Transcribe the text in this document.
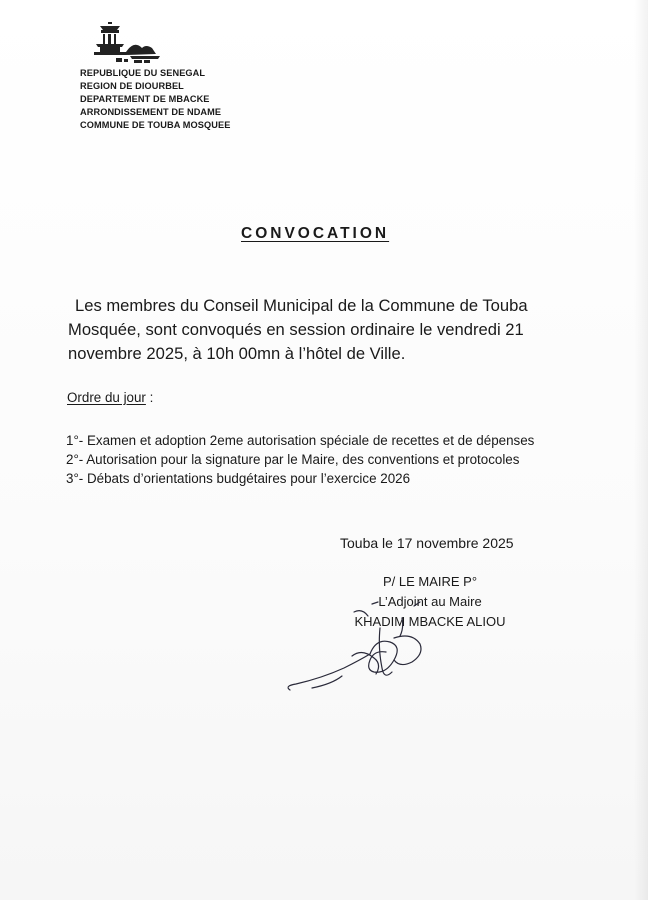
REPUBLIQUE DU SENEGAL
REGION DE DIOURBEL
DEPARTEMENT DE MBACKE
ARRONDISSEMENT DE NDAME
COMMUNE DE TOUBA MOSQUEE
CONVOCATION
Les membres du Conseil Municipal de la Commune de Touba
Mosquée, sont convoqués en session ordinaire le vendredi 21
novembre 2025, à 10h 00mn à l’hôtel de Ville.
Ordre du jour :
1°- Examen et adoption 2eme autorisation spéciale de recettes et de dépenses
2°- Autorisation pour la signature par le Maire, des conventions et protocoles
3°- Débats d’orientations budgétaires pour l’exercice 2026
Touba le 17 novembre 2025
P/ LE MAIRE P°
L’Adjoint au Maire
KHADIM MBACKE ALIOU
